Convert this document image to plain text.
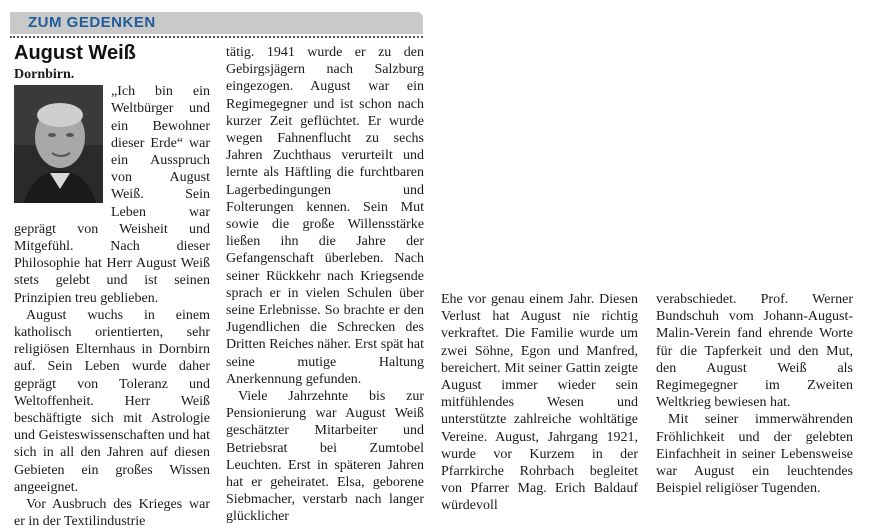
ZUM GEDENKEN
August Weiß

Dornbirn.

„Ich bin ein Weltbürger und ein Bewohner dieser Erde“ war ein Ausspruch von August Weiß. Sein Leben war geprägt von Weisheit und Mitgefühl. Nach dieser Philosophie hat Herr August Weiß stets gelebt und ist seinen Prinzipien treu geblieben.

August wuchs in einem katholisch orientierten, sehr religiösen Elternhaus in Dornbirn auf. Sein Leben wurde daher geprägt von Toleranz und Weltoffenheit. Herr Weiß beschäftigte sich mit Astrologie und Geisteswissenschaften und hat sich in all den Jahren auf diesen Gebieten ein großes Wissen angeeignet.

Vor Ausbruch des Krieges war er in der Textilindustrie

tätig. 1941 wurde er zu den Gebirgsjägern nach Salzburg eingezogen. August war ein Regimegegner und ist schon nach kurzer Zeit geflüchtet. Er wurde wegen Fahnenflucht zu sechs Jahren Zuchthaus verurteilt und lernte als Häftling die furchtbaren Lagerbedingungen und Folterungen kennen. Sein Mut sowie die große Willensstärke ließen ihn die Jahre der Gefangenschaft überleben. Nach seiner Rückkehr nach Kriegsende sprach er in vielen Schulen über seine Erlebnisse. So brachte er den Jugendlichen die Schrecken des Dritten Reiches näher. Erst spät hat seine mutige Haltung Anerkennung gefunden.

Viele Jahrzehnte bis zur Pensionierung war August Weiß geschätzter Mitarbeiter und Betriebsrat bei Zumtobel Leuchten. Erst in späteren Jahren hat er geheiratet. Elsa, geborene Siebmacher, verstarb nach langer glücklicher

Ehe vor genau einem Jahr. Diesen Verlust hat August nie richtig verkraftet. Die Familie wurde um zwei Söhne, Egon und Manfred, bereichert. Mit seiner Gattin zeigte August immer wieder sein mitfühlendes Wesen und unterstützte zahlreiche wohltätige Vereine. August, Jahrgang 1921, wurde vor Kurzem in der Pfarrkirche Rohrbach begleitet von Pfarrer Mag. Erich Baldauf würdevoll

verabschiedet. Prof. Werner Bundschuh vom Johann-August-Malin-Verein fand ehrende Worte für die Tapferkeit und den Mut, den August Weiß als Regimegegner im Zweiten Weltkrieg bewiesen hat.

Mit seiner immerwährenden Fröhlichkeit und der gelebten Einfachheit in seiner Lebensweise war August ein leuchtendes Beispiel religiöser Tugenden.
